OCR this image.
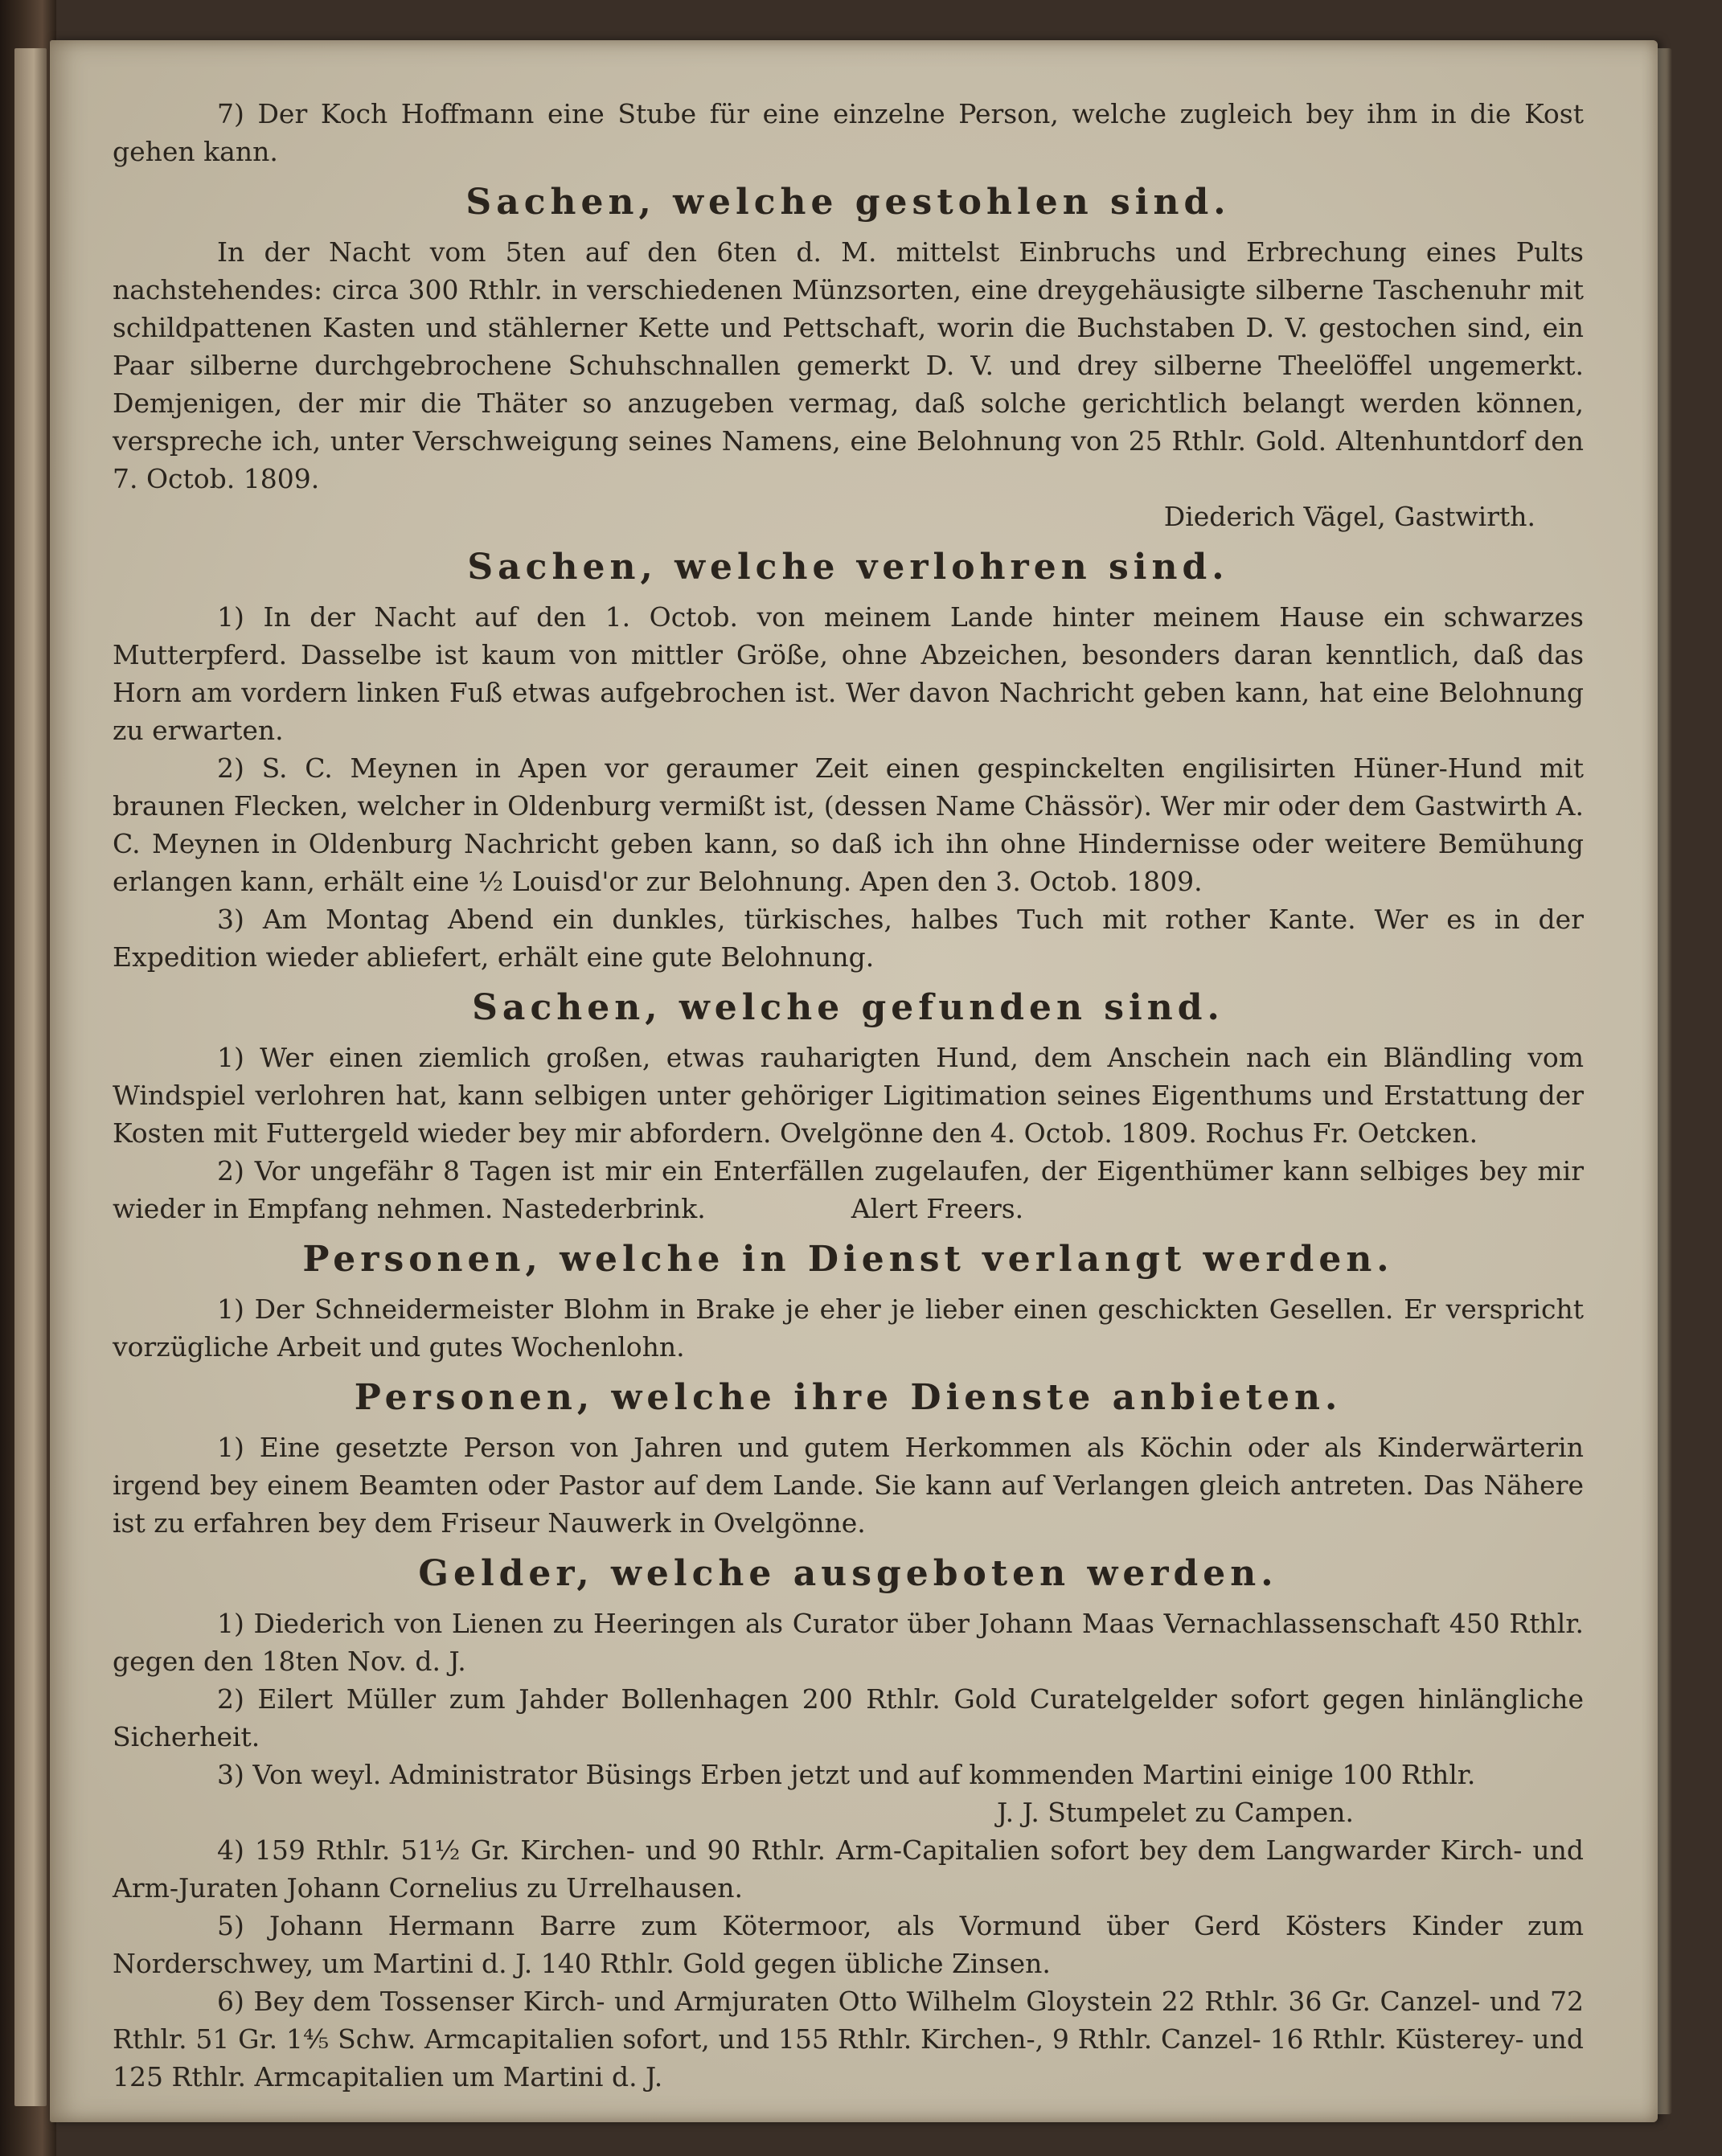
7) Der Koch Hoffmann eine Stube für eine einzelne Person, welche zugleich bey ihm in die Kost gehen kann.

Sachen, welche gestohlen sind.

In der Nacht vom 5ten auf den 6ten d. M. mittelst Einbruchs und Erbrechung eines Pults nachstehendes: circa 300 Rthlr. in verschiedenen Münzsorten, eine dreygehäusigte silberne Taschenuhr mit schildpattenen Kasten und stählerner Kette und Pettschaft, worin die Buchstaben D. V. gestochen sind, ein Paar silberne durchgebrochene Schuhschnallen gemerkt D. V. und drey silberne Theelöffel ungemerkt. Demjenigen, der mir die Thäter so anzugeben vermag, daß solche gerichtlich belangt werden können, verspreche ich, unter Verschweigung seines Namens, eine Belohnung von 25 Rthlr. Gold. Altenhuntdorf den 7. Octob. 1809.

Diederich Vägel, Gastwirth.

Sachen, welche verlohren sind.

1) In der Nacht auf den 1. Octob. von meinem Lande hinter meinem Hause ein schwarzes Mutterpferd. Dasselbe ist kaum von mittler Größe, ohne Abzeichen, besonders daran kenntlich, daß das Horn am vordern linken Fuß etwas aufgebrochen ist. Wer davon Nachricht geben kann, hat eine Belohnung zu erwarten.

2) S. C. Meynen in Apen vor geraumer Zeit einen gespinckelten engilisirten Hüner-Hund mit braunen Flecken, welcher in Oldenburg vermißt ist, (dessen Name Chässör). Wer mir oder dem Gastwirth A. C. Meynen in Oldenburg Nachricht geben kann, so daß ich ihn ohne Hindernisse oder weitere Bemühung erlangen kann, erhält eine ½ Louisd'or zur Belohnung. Apen den 3. Octob. 1809.

3) Am Montag Abend ein dunkles, türkisches, halbes Tuch mit rother Kante. Wer es in der Expedition wieder abliefert, erhält eine gute Belohnung.

Sachen, welche gefunden sind.

1) Wer einen ziemlich großen, etwas rauharigten Hund, dem Anschein nach ein Bländling vom Windspiel verlohren hat, kann selbigen unter gehöriger Ligitimation seines Eigenthums und Erstattung der Kosten mit Futtergeld wieder bey mir abfordern. Ovelgönne den 4. Octob. 1809. Rochus Fr. Oetcken.

2) Vor ungefähr 8 Tagen ist mir ein Enterfällen zugelaufen, der Eigenthümer kann selbiges bey mir wieder in Empfang nehmen. Nastederbrink.	Alert Freers.

Personen, welche in Dienst verlangt werden.

1) Der Schneidermeister Blohm in Brake je eher je lieber einen geschickten Gesellen. Er verspricht vorzügliche Arbeit und gutes Wochenlohn.

Personen, welche ihre Dienste anbieten.

1) Eine gesetzte Person von Jahren und gutem Herkommen als Köchin oder als Kinderwärterin irgend bey einem Beamten oder Pastor auf dem Lande. Sie kann auf Verlangen gleich antreten. Das Nähere ist zu erfahren bey dem Friseur Nauwerk in Ovelgönne.

Gelder, welche ausgeboten werden.

1) Diederich von Lienen zu Heeringen als Curator über Johann Maas Vernachlassenschaft 450 Rthlr. gegen den 18ten Nov. d. J.

2) Eilert Müller zum Jahder Bollenhagen 200 Rthlr. Gold Curatelgelder sofort gegen hinlängliche Sicherheit.

3) Von weyl. Administrator Büsings Erben jetzt und auf kommenden Martini einige 100 Rthlr.

J. J. Stumpelet zu Campen.

4) 159 Rthlr. 51½ Gr. Kirchen- und 90 Rthlr. Arm-Capitalien sofort bey dem Langwarder Kirch- und Arm-Juraten Johann Cornelius zu Urrelhausen.

5) Johann Hermann Barre zum Kötermoor, als Vormund über Gerd Kösters Kinder zum Norderschwey, um Martini d. J. 140 Rthlr. Gold gegen übliche Zinsen.

6) Bey dem Tossenser Kirch- und Armjuraten Otto Wilhelm Gloystein 22 Rthlr. 36 Gr. Canzel- und 72 Rthlr. 51 Gr. 1⅘ Schw. Armcapitalien sofort, und 155 Rthlr. Kirchen-, 9 Rthlr. Canzel- 16 Rthlr. Küsterey- und 125 Rthlr. Armcapitalien um Martini d. J.
